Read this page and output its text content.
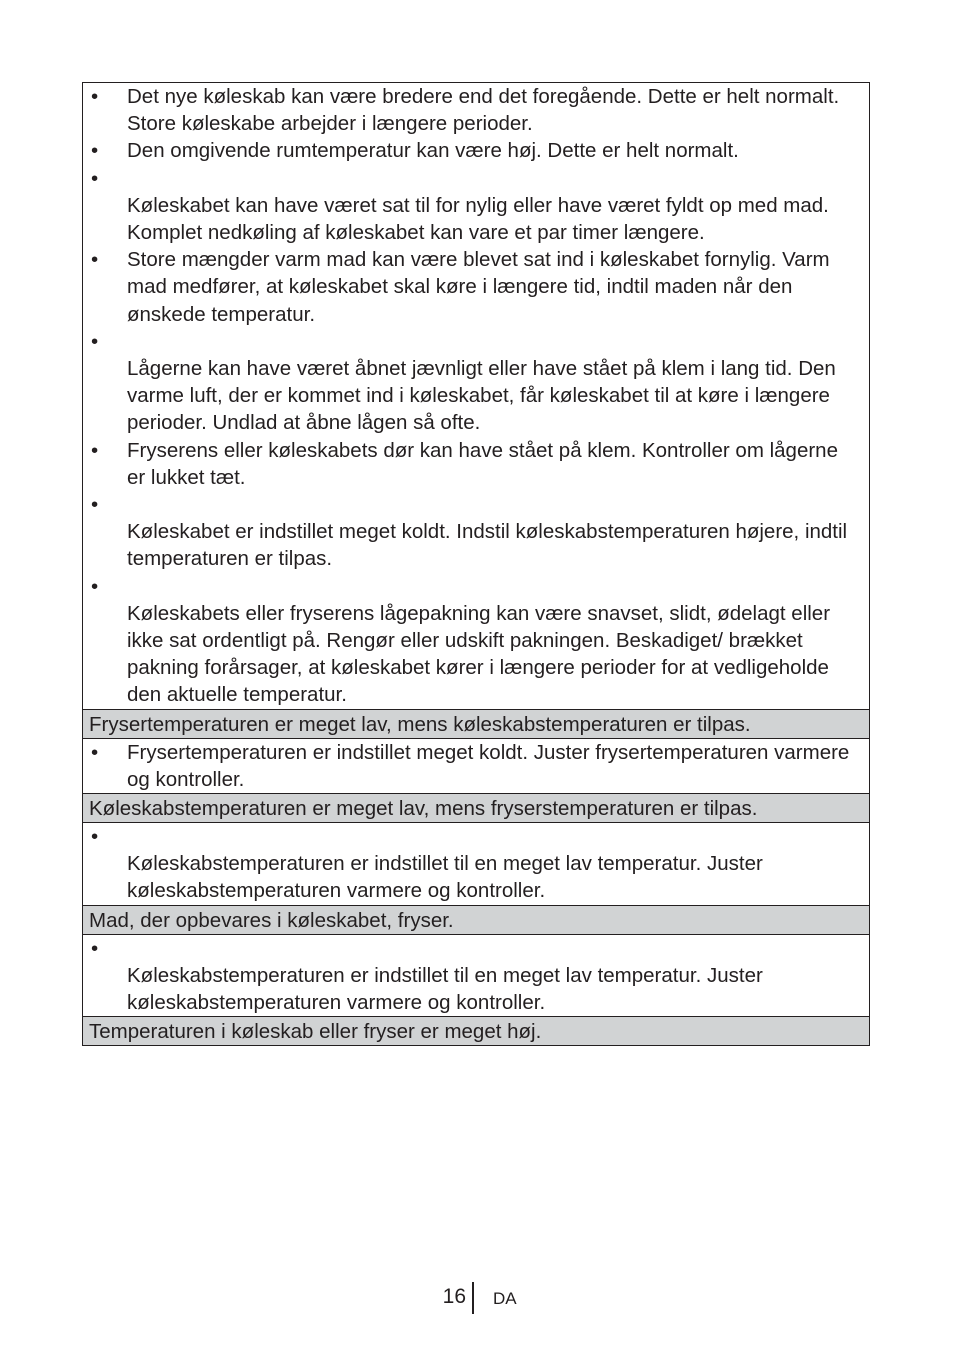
• Det nye køleskab kan være bredere end det foregående. Dette er helt normalt. Store køleskabe arbejder i længere perioder.
• Den omgivende rumtemperatur kan være høj. Dette er helt normalt.
•
Køleskabet kan have været sat til for nylig eller have været fyldt op med mad. Komplet nedkøling af køleskabet kan vare et par timer længere.
• Store mængder varm mad kan være blevet sat ind i køleskabet fornylig. Varm mad medfører, at køleskabet skal køre i længere tid, indtil maden når den ønskede temperatur.
•
Lågerne kan have været åbnet jævnligt eller have stået på klem i lang tid. Den varme luft, der er kommet ind i køleskabet, får køleskabet til at køre i længere perioder. Undlad at åbne lågen så ofte.
• Fryserens eller køleskabets dør kan have stået på klem. Kontroller om lågerne er lukket tæt.
•
Køleskabet er indstillet meget koldt. Indstil køleskabstemperaturen højere, indtil temperaturen er tilpas.
•
Køleskabets eller fryserens lågepakning kan være snavset, slidt, ødelagt eller ikke sat ordentligt på. Rengør eller udskift pakningen. Beskadiget/ brækket pakning forårsager, at køleskabet kører i længere perioder for at vedligeholde den aktuelle temperatur.
Frysertemperaturen er meget lav, mens køleskabstemperaturen er tilpas.
• Frysertemperaturen er indstillet meget koldt. Juster frysertemperaturen varmere og kontroller.
Køleskabstemperaturen er meget lav, mens fryserstemperaturen er tilpas.
•
Køleskabstemperaturen er indstillet til en meget lav temperatur. Juster køleskabstemperaturen varmere og kontroller.
Mad, der opbevares i køleskabet, fryser.
•
Køleskabstemperaturen er indstillet til en meget lav temperatur. Juster køleskabstemperaturen varmere og kontroller.
Temperaturen i køleskab eller fryser er meget høj.
16 DA
